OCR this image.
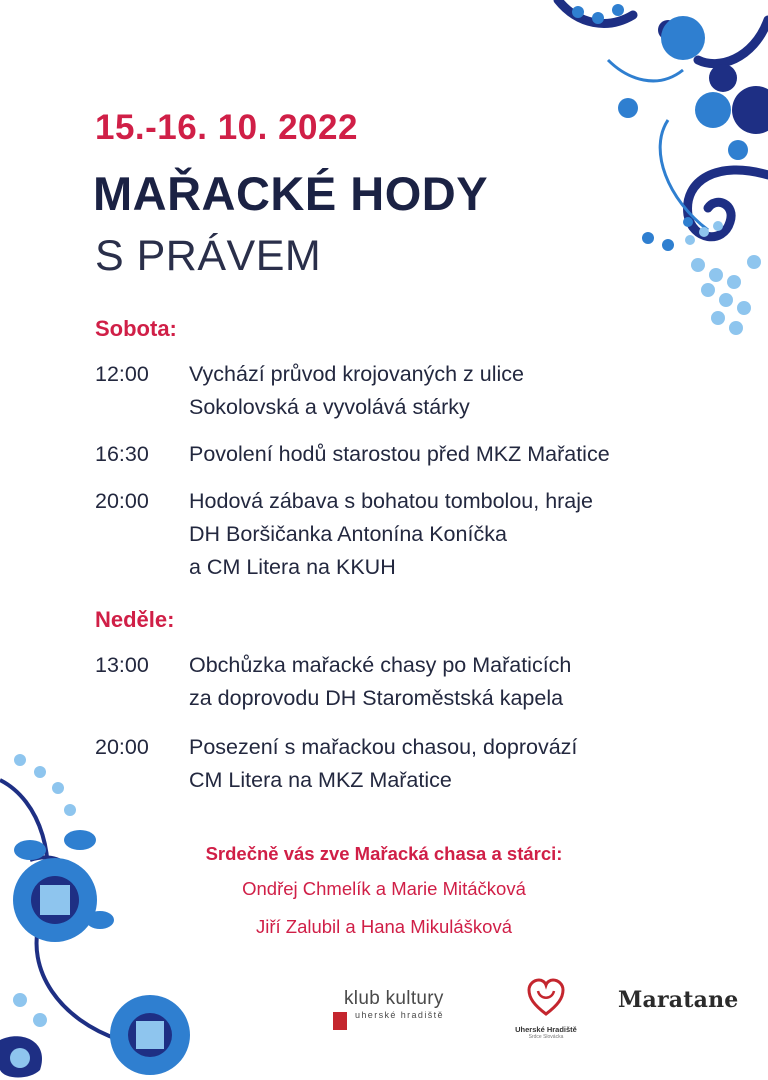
15.-16. 10. 2022
MAŘACKÉ HODY
S PRÁVEM
Sobota:
12:00	Vychází průvod krojovaných z ulice
Sokolovská a vyvolává stárky
16:30	Povolení hodů starostou před MKZ Mařatice
20:00	Hodová zábava s bohatou tombolou, hraje
DH Boršičanka Antonína Koníčka
a CM Litera na KKUH
Neděle:
13:00	Obchůzka mařacké chasy po Mařaticích
za doprovodu DH Staroměstská kapela
20:00	Posezení s mařackou chasou, doprovází
CM Litera na MKZ Mařatice
Srdečně vás zve Mařacká chasa a stárci:
Ondřej Chmelík a Marie Mitáčková
Jiří Zalubil a Hana Mikulášková
klub kultury
uherské hradiště
Uherské Hradiště
Srdce Slovácka
Maratane
